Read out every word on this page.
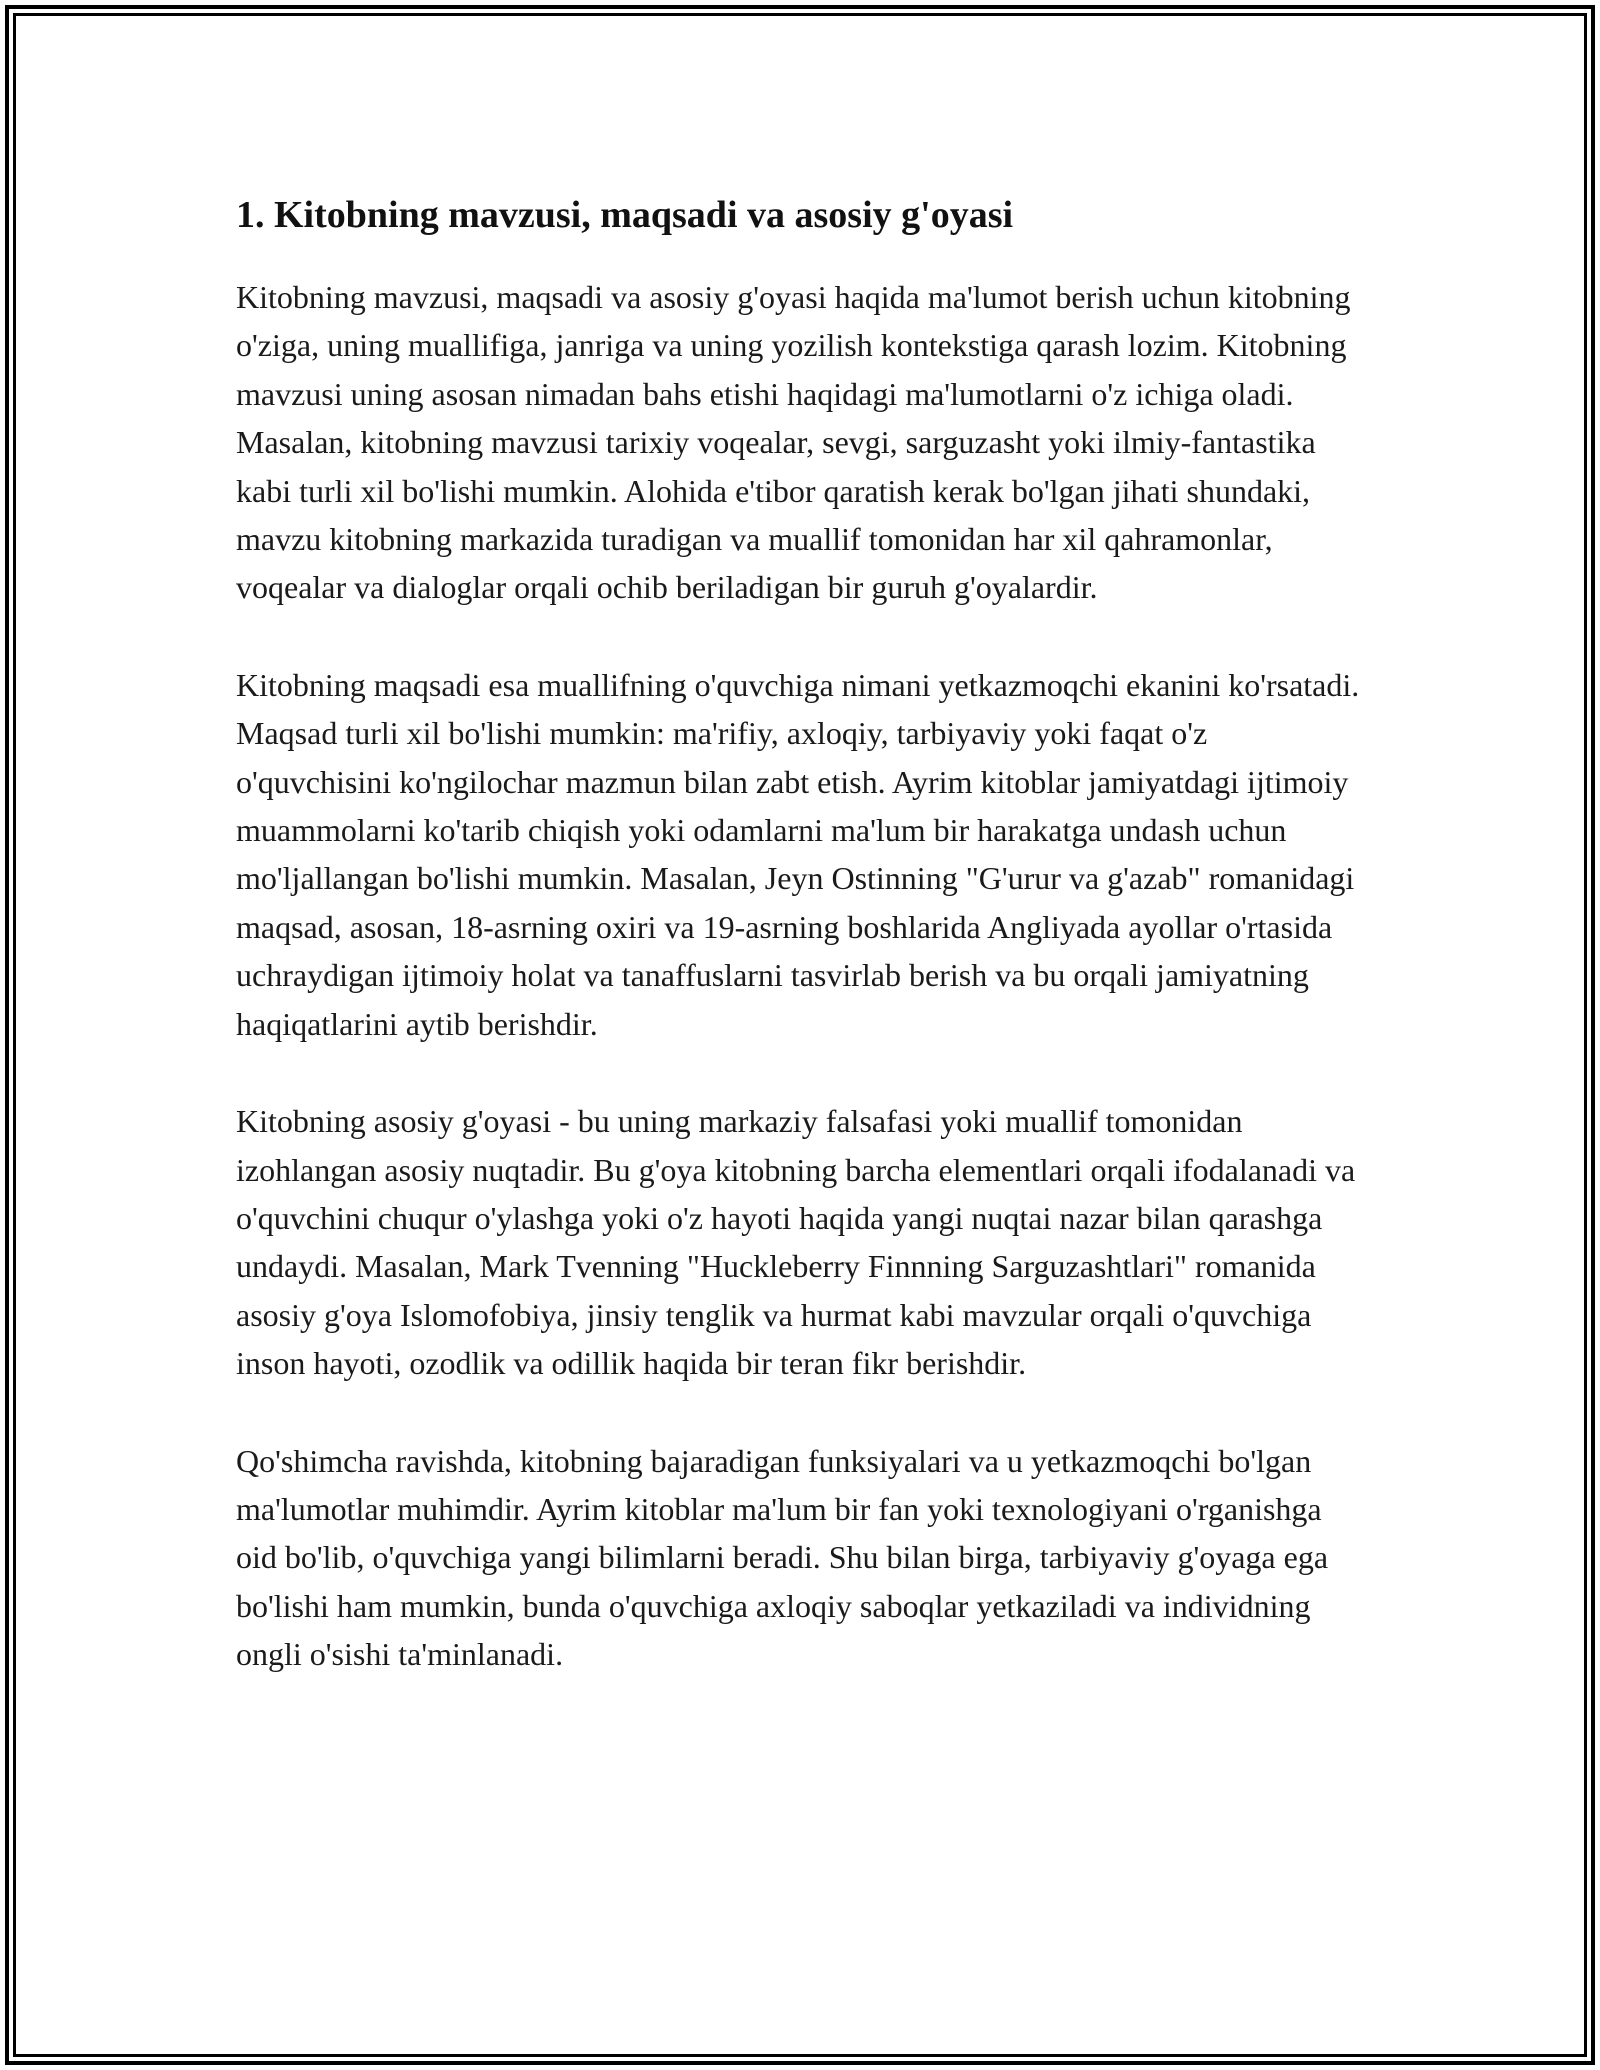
1. Kitobning mavzusi, maqsadi va asosiy g'oyasi

Kitobning mavzusi, maqsadi va asosiy g'oyasi haqida ma'lumot berish uchun kitobning o'ziga, uning muallifiga, janriga va uning yozilish kontekstiga qarash lozim. Kitobning mavzusi uning asosan nimadan bahs etishi haqidagi ma'lumotlarni o'z ichiga oladi. Masalan, kitobning mavzusi tarixiy voqealar, sevgi, sarguzasht yoki ilmiy-fantastika kabi turli xil bo'lishi mumkin. Alohida e'tibor qaratish kerak bo'lgan jihati shundaki, mavzu kitobning markazida turadigan va muallif tomonidan har xil qahramonlar, voqealar va dialoglar orqali ochib beriladigan bir guruh g'oyalardir.

Kitobning maqsadi esa muallifning o'quvchiga nimani yetkazmoqchi ekanini ko'rsatadi. Maqsad turli xil bo'lishi mumkin: ma'rifiy, axloqiy, tarbiyaviy yoki faqat o'z o'quvchisini ko'ngilochar mazmun bilan zabt etish. Ayrim kitoblar jamiyatdagi ijtimoiy muammolarni ko'tarib chiqish yoki odamlarni ma'lum bir harakatga undash uchun mo'ljallangan bo'lishi mumkin. Masalan, Jeyn Ostinning "G'urur va g'azab" romanidagi maqsad, asosan, 18-asrning oxiri va 19-asrning boshlarida Angliyada ayollar o'rtasida uchraydigan ijtimoiy holat va tanaffuslarni tasvirlab berish va bu orqali jamiyatning haqiqatlarini aytib berishdir.

Kitobning asosiy g'oyasi - bu uning markaziy falsafasi yoki muallif tomonidan izohlangan asosiy nuqtadir. Bu g'oya kitobning barcha elementlari orqali ifodalanadi va o'quvchini chuqur o'ylashga yoki o'z hayoti haqida yangi nuqtai nazar bilan qarashga undaydi. Masalan, Mark Tvenning "Huckleberry Finnning Sarguzashtlari" romanida asosiy g'oya Islomofobiya, jinsiy tenglik va hurmat kabi mavzular orqali o'quvchiga inson hayoti, ozodlik va odillik haqida bir teran fikr berishdir.

Qo'shimcha ravishda, kitobning bajaradigan funksiyalari va u yetkazmoqchi bo'lgan ma'lumotlar muhimdir. Ayrim kitoblar ma'lum bir fan yoki texnologiyani o'rganishga oid bo'lib, o'quvchiga yangi bilimlarni beradi. Shu bilan birga, tarbiyaviy g'oyaga ega bo'lishi ham mumkin, bunda o'quvchiga axloqiy saboqlar yetkaziladi va individning ongli o'sishi ta'minlanadi.
